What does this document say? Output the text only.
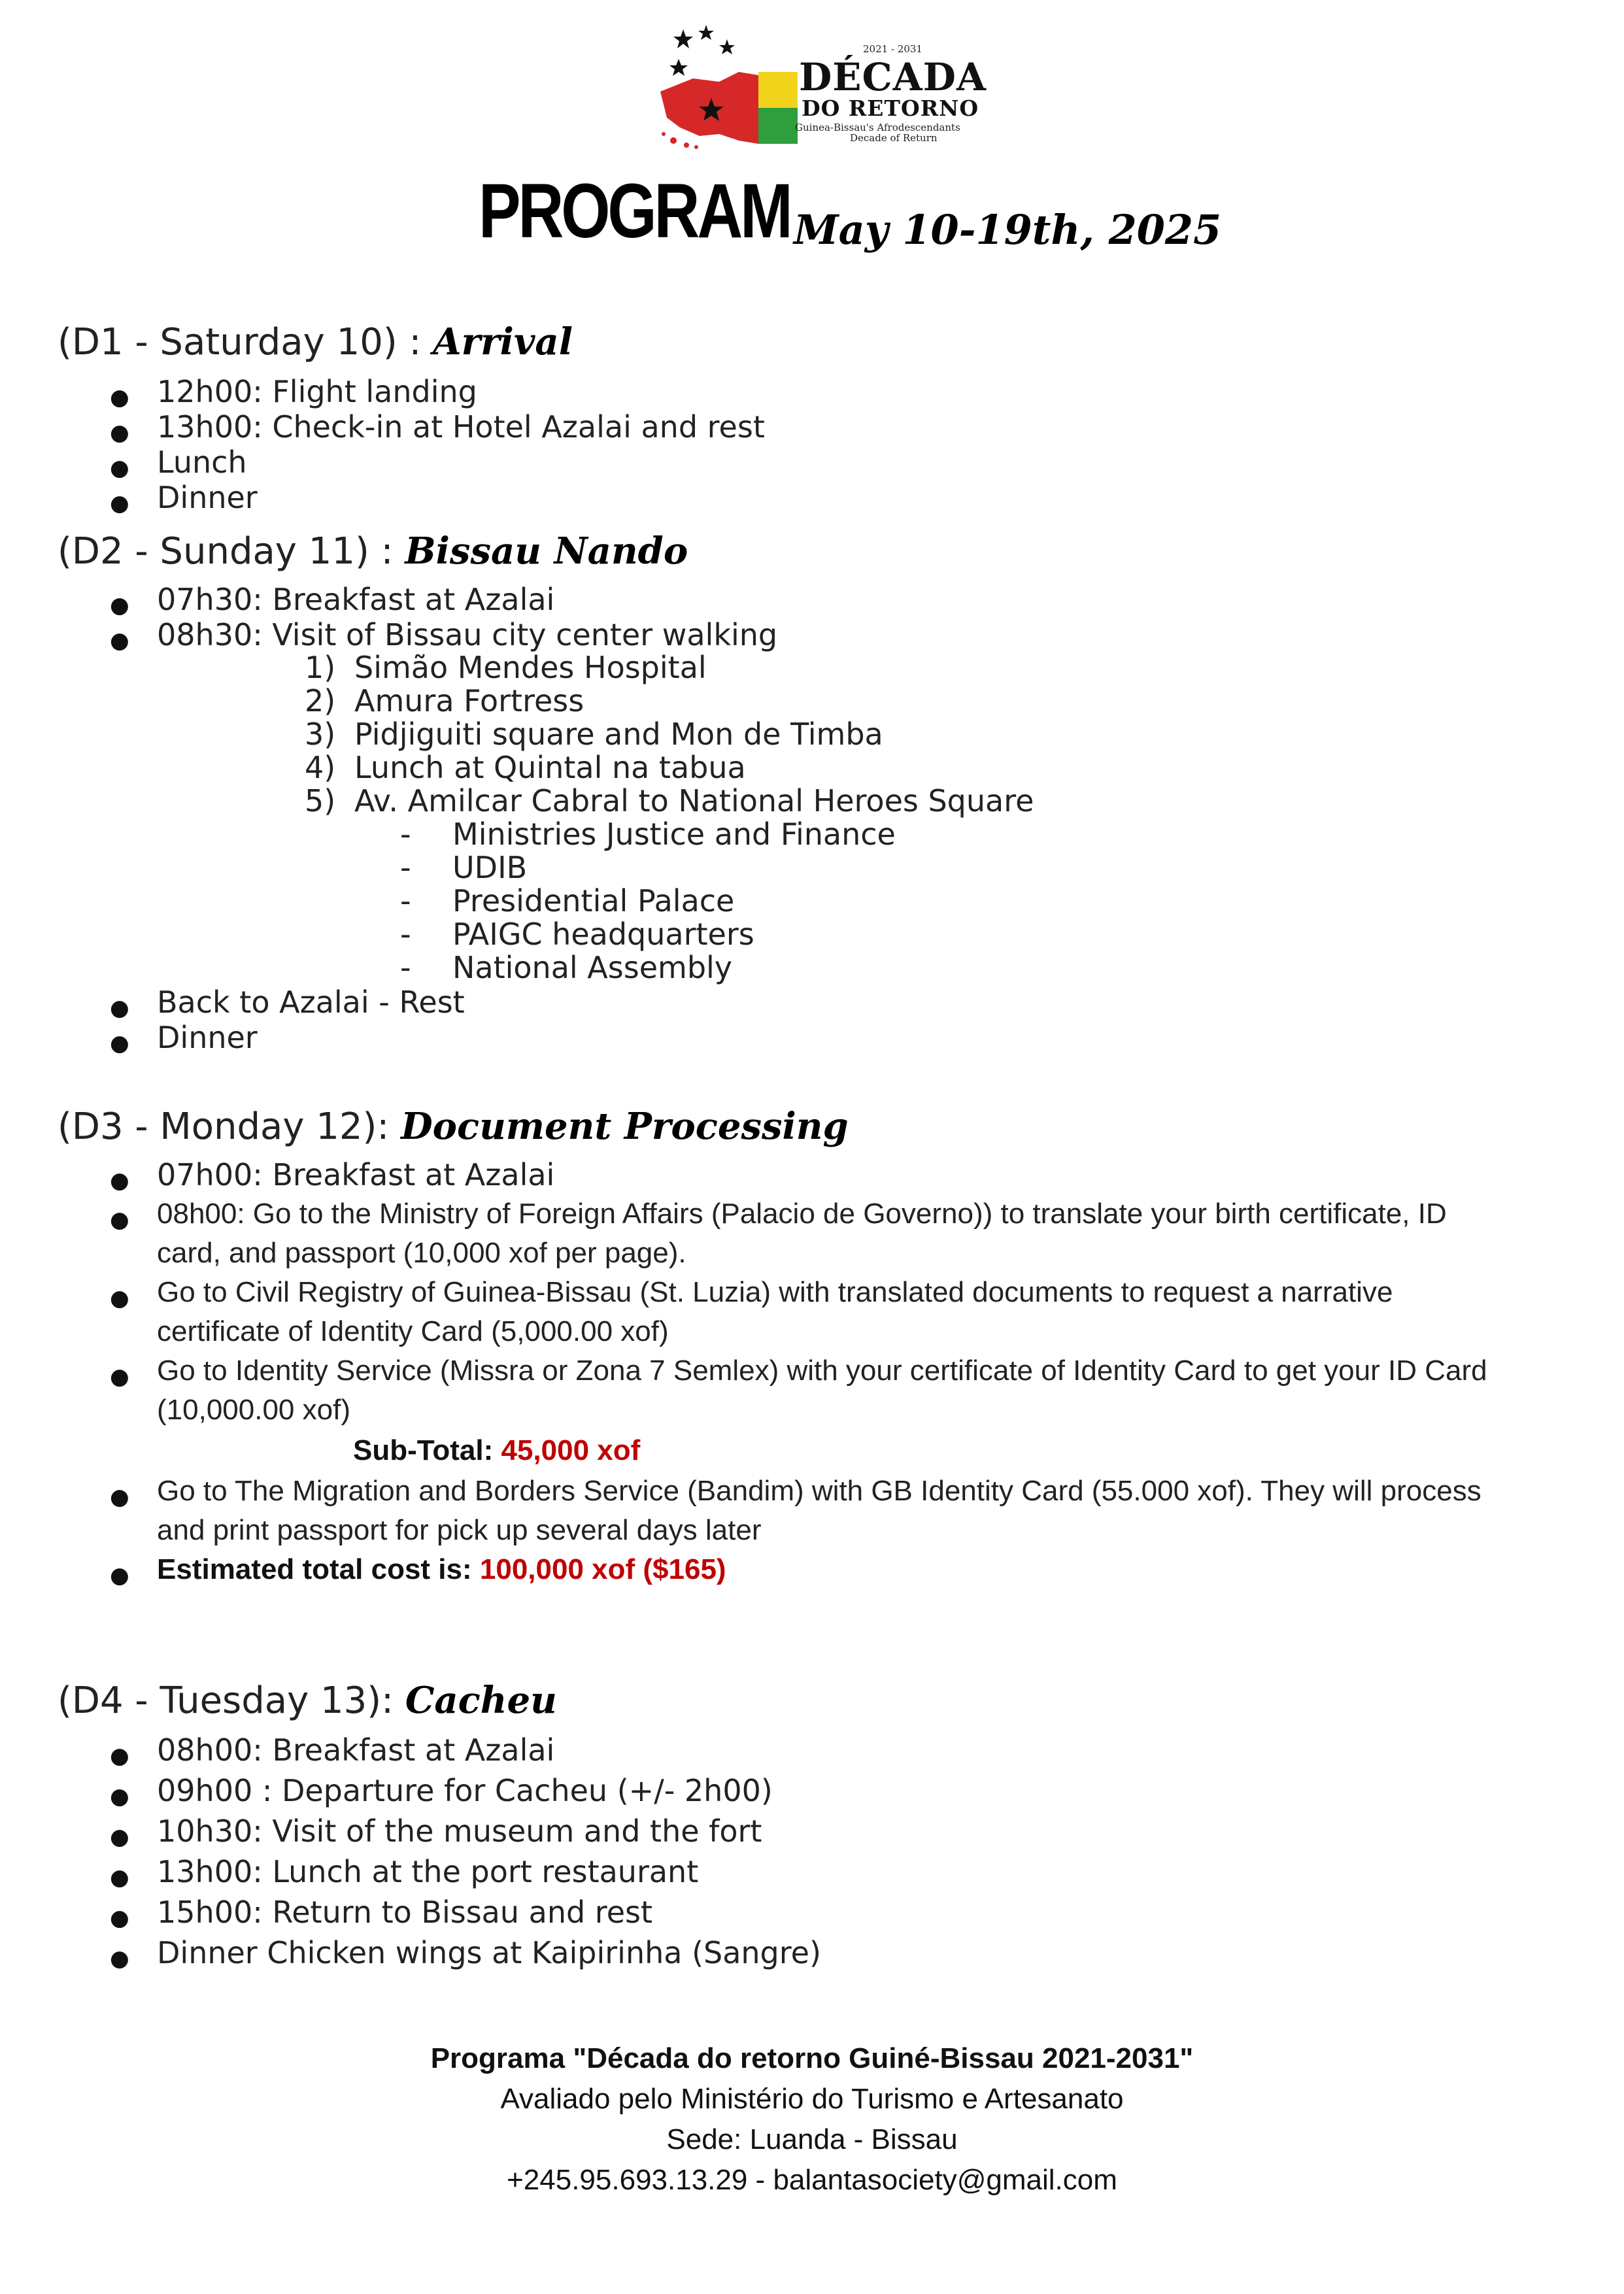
2021 - 2031
DÉCADA
DO RETORNO
Guinea-Bissau's Afrodescendants
Decade of Return
PROGRAM May 10-19th, 2025
(D1 - Saturday 10) : Arrival
● 12h00: Flight landing
● 13h00: Check-in at Hotel Azalai and rest
● Lunch
● Dinner
(D2 - Sunday 11) : Bissau Nando
● 07h30: Breakfast at Azalai
● 08h30: Visit of Bissau city center walking
1) Simão Mendes Hospital
2) Amura Fortress
3) Pidjiguiti square and Mon de Timba
4) Lunch at Quintal na tabua
5) Av. Amilcar Cabral to National Heroes Square
- Ministries Justice and Finance
- UDIB
- Presidential Palace
- PAIGC headquarters
- National Assembly
● Back to Azalai - Rest
● Dinner
(D3 - Monday 12): Document Processing
● 07h00: Breakfast at Azalai
● 08h00: Go to the Ministry of Foreign Affairs (Palacio de Governo)) to translate your birth certificate, ID
card, and passport (10,000 xof per page).
● Go to Civil Registry of Guinea-Bissau (St. Luzia) with translated documents to request a narrative
certificate of Identity Card (5,000.00 xof)
● Go to Identity Service (Missra or Zona 7 Semlex) with your certificate of Identity Card to get your ID Card
(10,000.00 xof)
Sub-Total: 45,000 xof
● Go to The Migration and Borders Service (Bandim) with GB Identity Card (55.000 xof). They will process
and print passport for pick up several days later
● Estimated total cost is: 100,000 xof ($165)
(D4 - Tuesday 13): Cacheu
● 08h00: Breakfast at Azalai
● 09h00 : Departure for Cacheu (+/- 2h00)
● 10h30: Visit of the museum and the fort
● 13h00: Lunch at the port restaurant
● 15h00: Return to Bissau and rest
● Dinner Chicken wings at Kaipirinha (Sangre)
Programa "Década do retorno Guiné-Bissau 2021-2031"
Avaliado pelo Ministério do Turismo e Artesanato
Sede: Luanda - Bissau
+245.95.693.13.29 - balantasociety@gmail.com
